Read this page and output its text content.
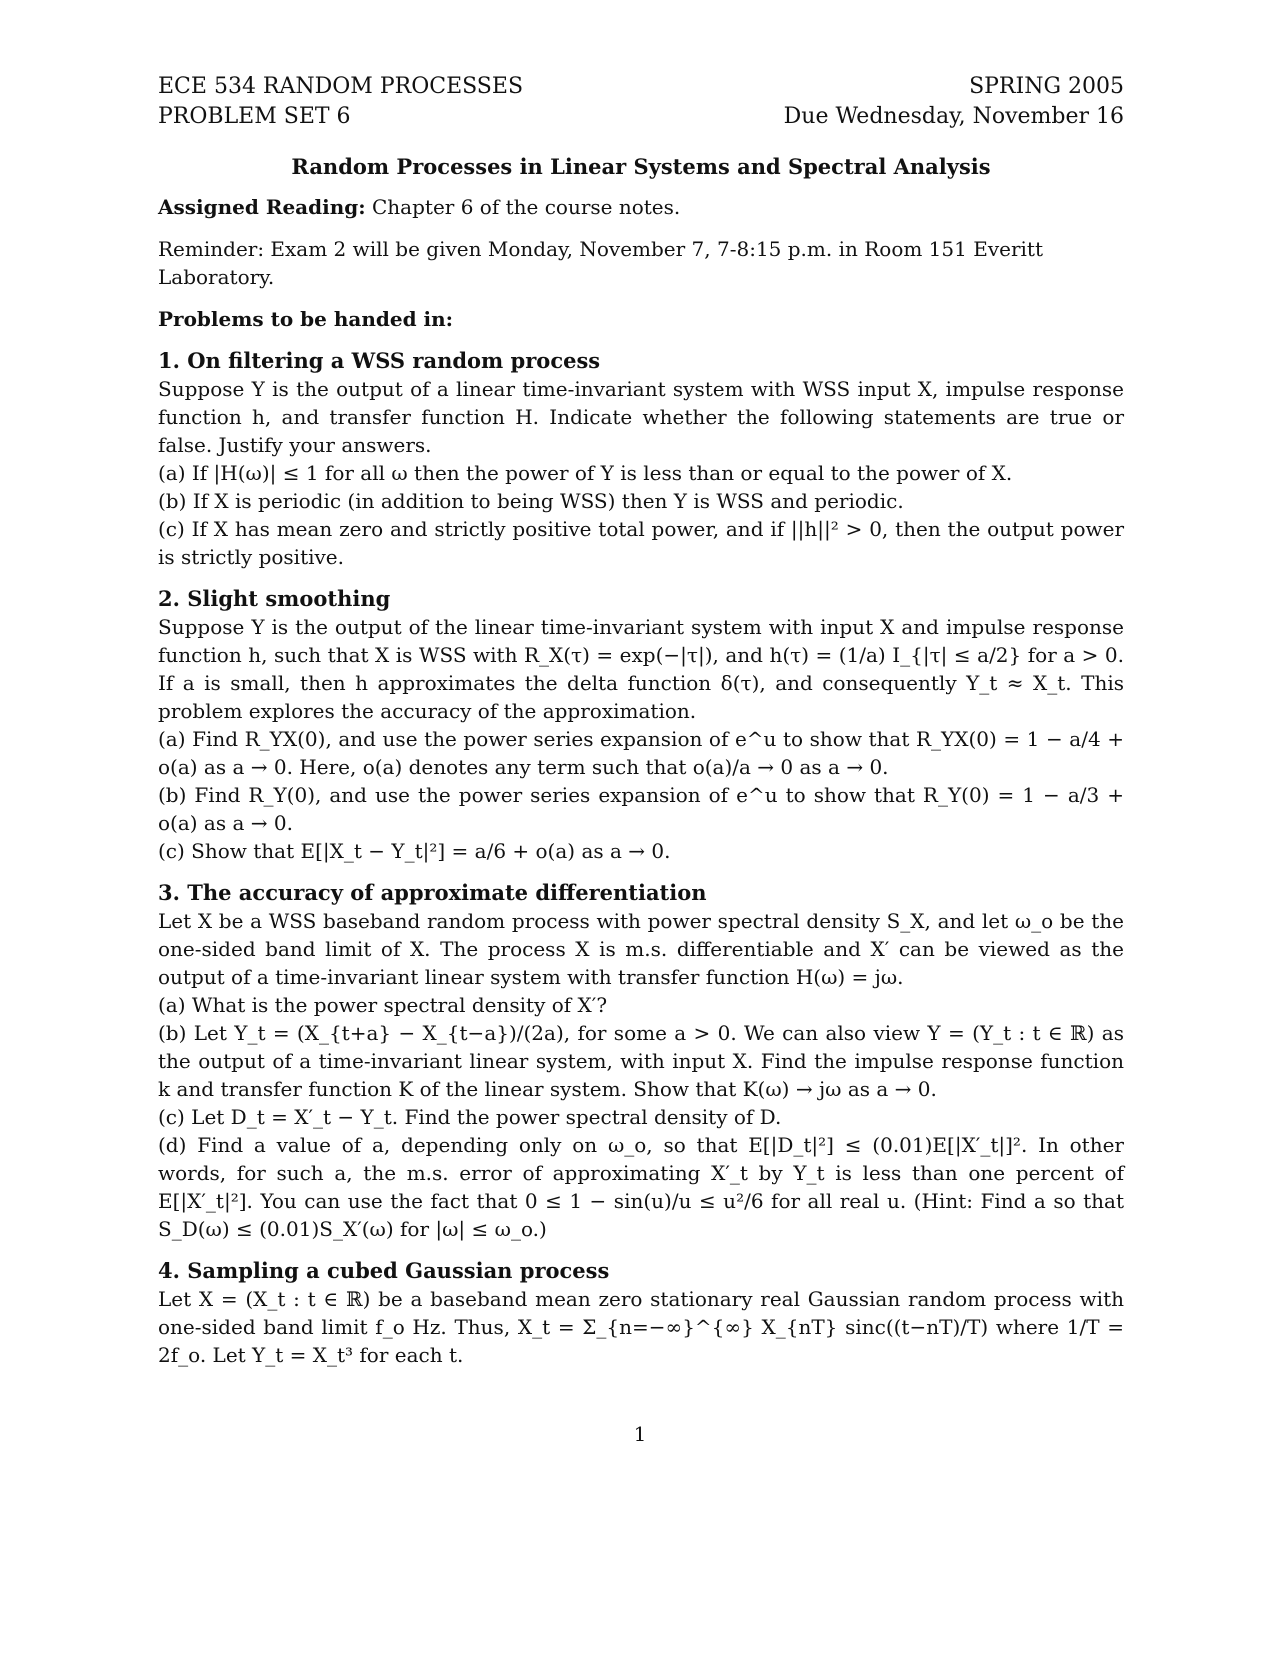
ECE 534 RANDOM PROCESSES
PROBLEM SET 6
SPRING 2005
Due Wednesday, November 16
Random Processes in Linear Systems and Spectral Analysis

Assigned Reading: Chapter 6 of the course notes.

Reminder: Exam 2 will be given Monday, November 7, 7-8:15 p.m. in Room 151 Everitt Laboratory.

Problems to be handed in:

1. On filtering a WSS random process

Suppose Y is the output of a linear time-invariant system with WSS input X, impulse response function h, and transfer function H. Indicate whether the following statements are true or false. Justify your answers.

(a) If |H(ω)| ≤ 1 for all ω then the power of Y is less than or equal to the power of X.

(b) If X is periodic (in addition to being WSS) then Y is WSS and periodic.

(c) If X has mean zero and strictly positive total power, and if ||h||² > 0, then the output power is strictly positive.

2. Slight smoothing

Suppose Y is the output of the linear time-invariant system with input X and impulse response function h, such that X is WSS with R_X(τ) = exp(−|τ|), and h(τ) = (1/a) I_{|τ| ≤ a/2} for a > 0. If a is small, then h approximates the delta function δ(τ), and consequently Y_t ≈ X_t. This problem explores the accuracy of the approximation.

(a) Find R_YX(0), and use the power series expansion of e^u to show that R_YX(0) = 1 − a/4 + o(a) as a → 0. Here, o(a) denotes any term such that o(a)/a → 0 as a → 0.

(b) Find R_Y(0), and use the power series expansion of e^u to show that R_Y(0) = 1 − a/3 + o(a) as a → 0.

(c) Show that E[|X_t − Y_t|²] = a/6 + o(a) as a → 0.

3. The accuracy of approximate differentiation

Let X be a WSS baseband random process with power spectral density S_X, and let ω_o be the one-sided band limit of X. The process X is m.s. differentiable and X′ can be viewed as the output of a time-invariant linear system with transfer function H(ω) = jω.

(a) What is the power spectral density of X′?

(b) Let Y_t = (X_{t+a} − X_{t−a})/(2a), for some a > 0. We can also view Y = (Y_t : t ∈ ℝ) as the output of a time-invariant linear system, with input X. Find the impulse response function k and transfer function K of the linear system. Show that K(ω) → jω as a → 0.

(c) Let D_t = X′_t − Y_t. Find the power spectral density of D.

(d) Find a value of a, depending only on ω_o, so that E[|D_t|²] ≤ (0.01)E[|X′_t|]². In other words, for such a, the m.s. error of approximating X′_t by Y_t is less than one percent of E[|X′_t|²]. You can use the fact that 0 ≤ 1 − sin(u)/u ≤ u²/6 for all real u. (Hint: Find a so that S_D(ω) ≤ (0.01)S_X′(ω) for |ω| ≤ ω_o.)

4. Sampling a cubed Gaussian process

Let X = (X_t : t ∈ ℝ) be a baseband mean zero stationary real Gaussian random process with one-sided band limit f_o Hz. Thus, X_t = Σ_{n=−∞}^{∞} X_{nT} sinc((t−nT)/T) where 1/T = 2f_o. Let Y_t = X_t³ for each t.

1
